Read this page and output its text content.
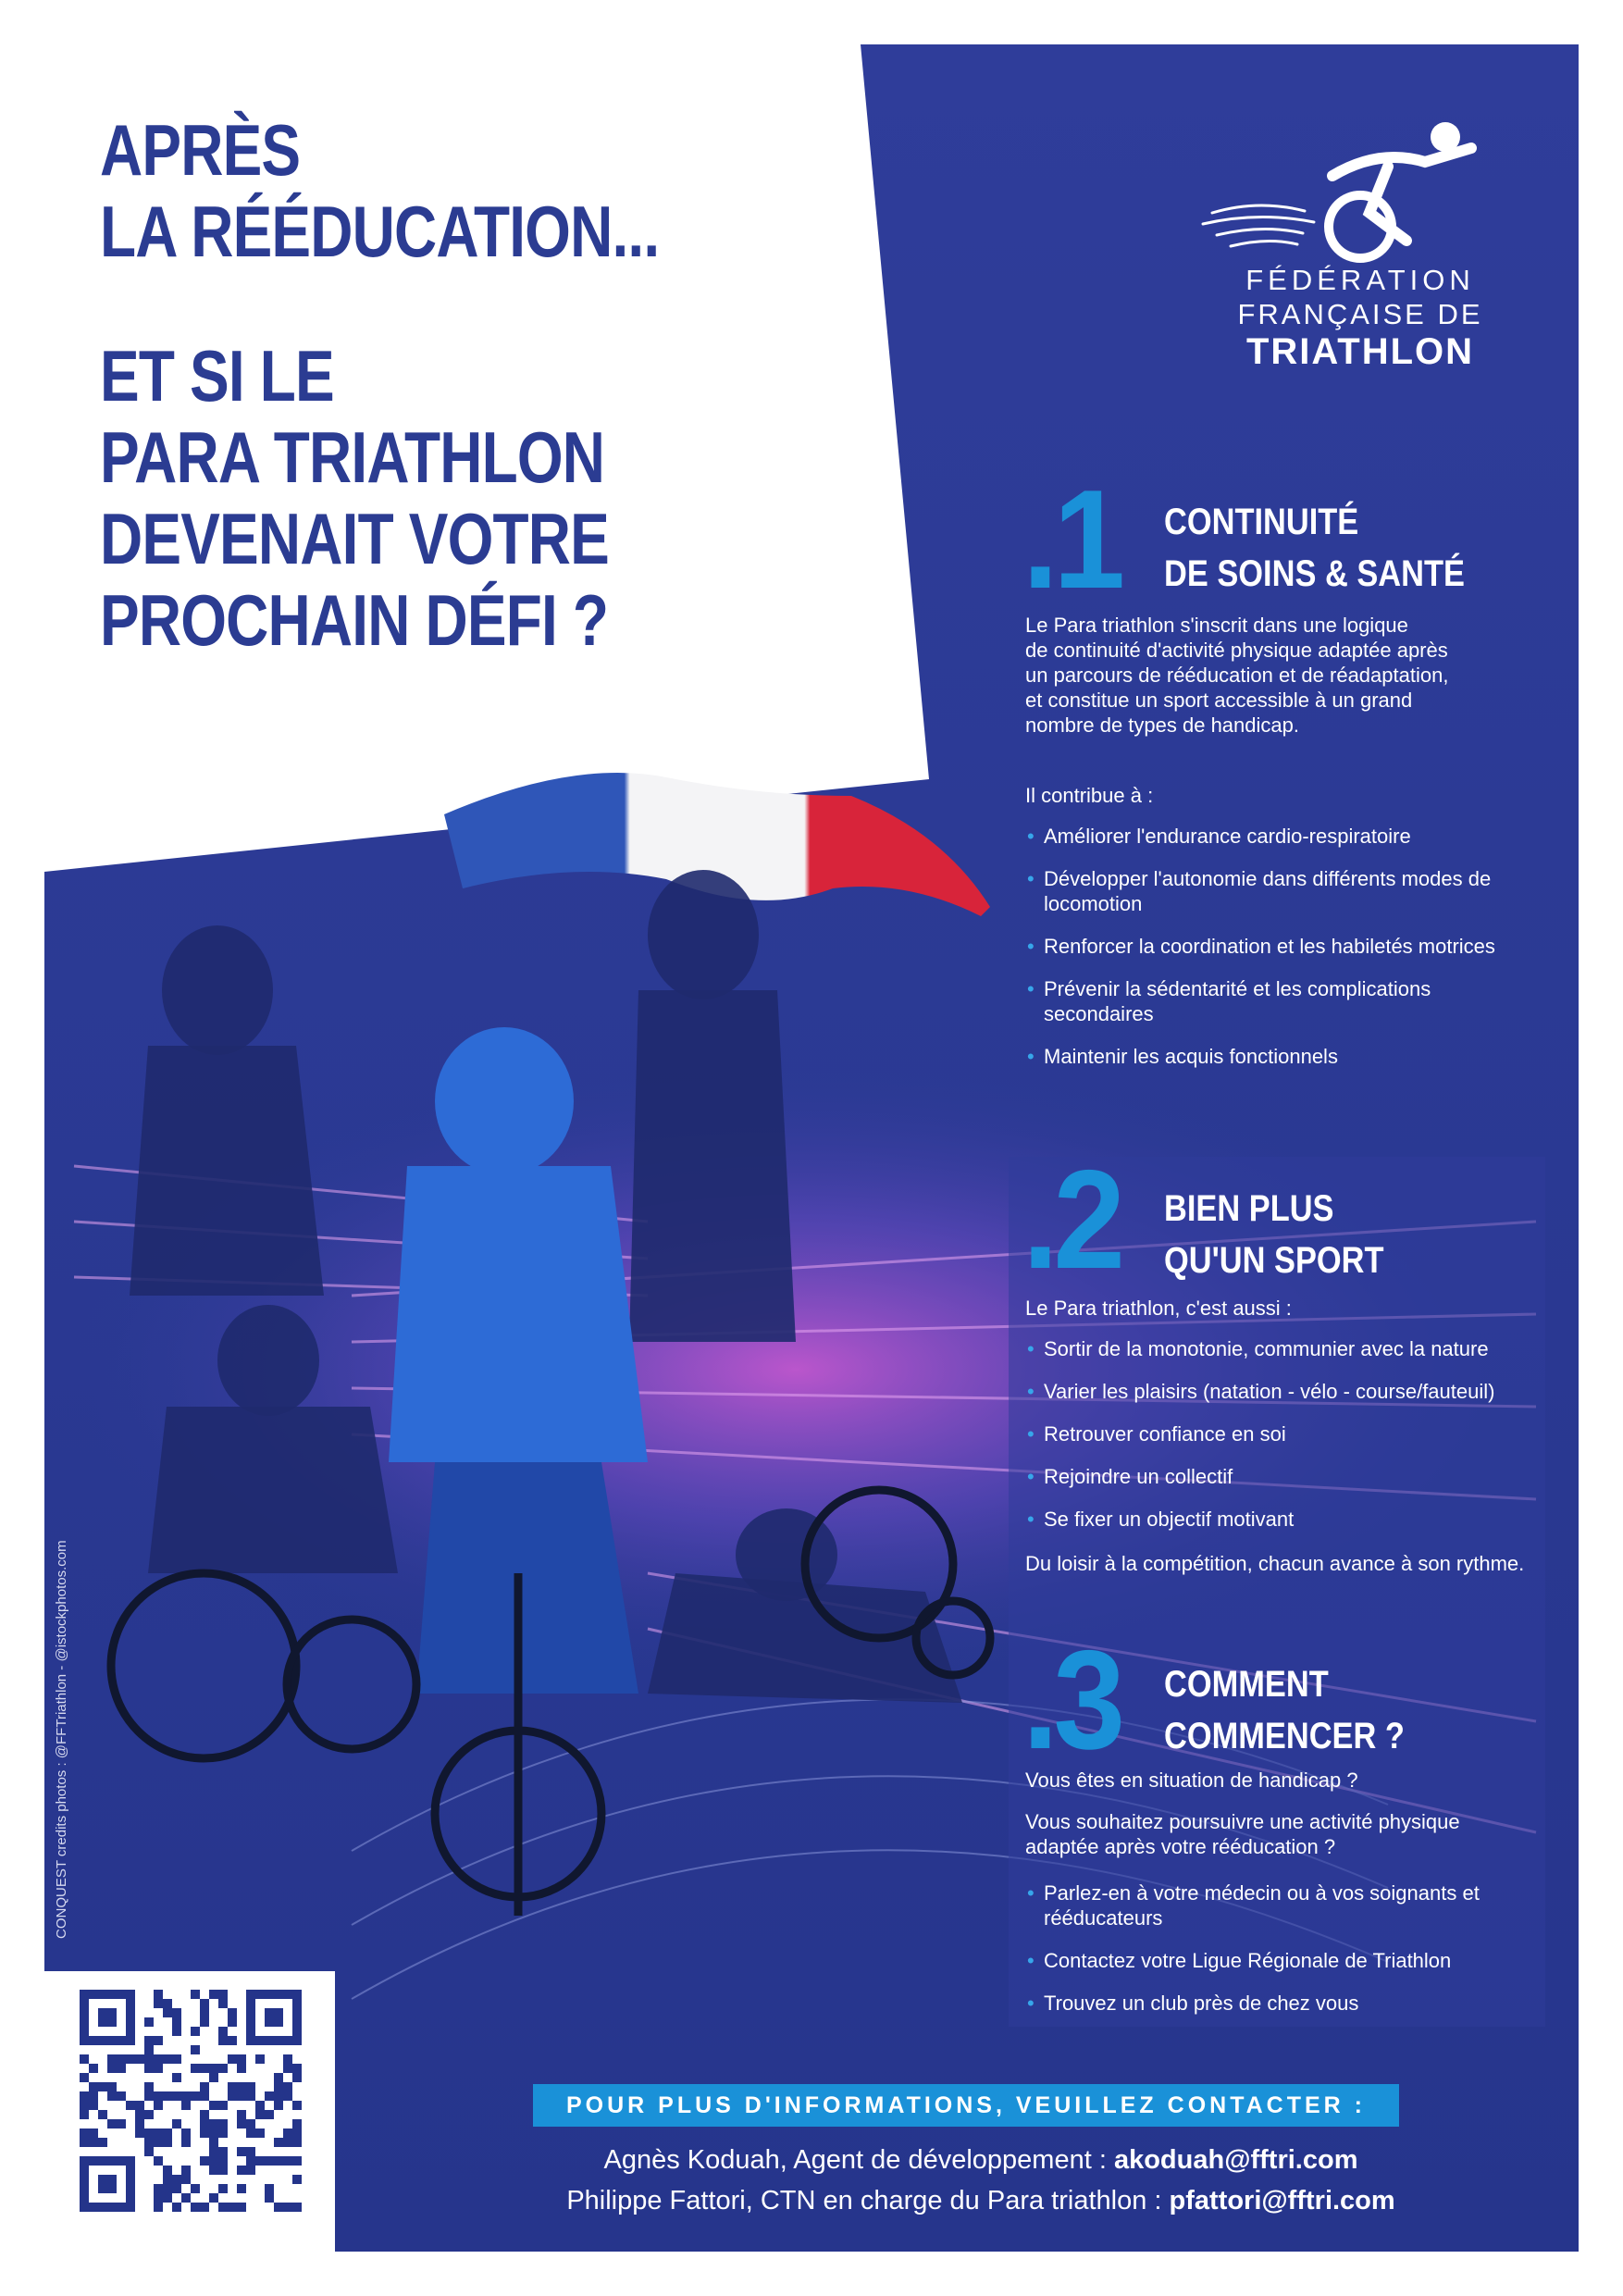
APRÈS
LA RÉÉDUCATION...
ET SI LE
PARA TRIATHLON
DEVENAIT VOTRE
PROCHAIN DÉFI ?
FÉDÉRATION
FRANÇAISE DE
TRIATHLON
.1 CONTINUITÉ
DE SOINS & SANTÉ

Le Para triathlon s'inscrit dans une logique

de continuité d'activité physique adaptée après

un parcours de rééducation et de réadaptation,

et constitue un sport accessible à un grand

nombre de types de handicap.

Il contribue à :
• Améliorer l'endurance cardio-respiratoire
• Développer l'autonomie dans différents modes de locomotion
• Renforcer la coordination et les habiletés motrices
• Prévenir la sédentarité et les complications secondaires
• Maintenir les acquis fonctionnels
.2 BIEN PLUS
QU'UN SPORT
Le Para triathlon, c'est aussi :
• Sortir de la monotonie, communier avec la nature
• Varier les plaisirs (natation - vélo - course/fauteuil)
• Retrouver confiance en soi
• Rejoindre un collectif
• Se fixer un objectif motivant
Du loisir à la compétition, chacun avance à son rythme.
.3 COMMENT
COMMENCER ?
Vous êtes en situation de handicap ?

Vous souhaitez poursuivre une activité physique

adaptée après votre rééducation ?

• Parlez-en à votre médecin ou à vos soignants et rééducateurs
• Contactez votre Ligue Régionale de Triathlon
• Trouvez un club près de chez vous
POUR PLUS D'INFORMATIONS, VEUILLEZ CONTACTER :
Agnès Koduah, Agent de développement : akoduah@fftri.com
Philippe Fattori, CTN en charge du Para triathlon : pfattori@fftri.com
CONQUEST credits photos : @FFTriathlon - @istockphotos.com
